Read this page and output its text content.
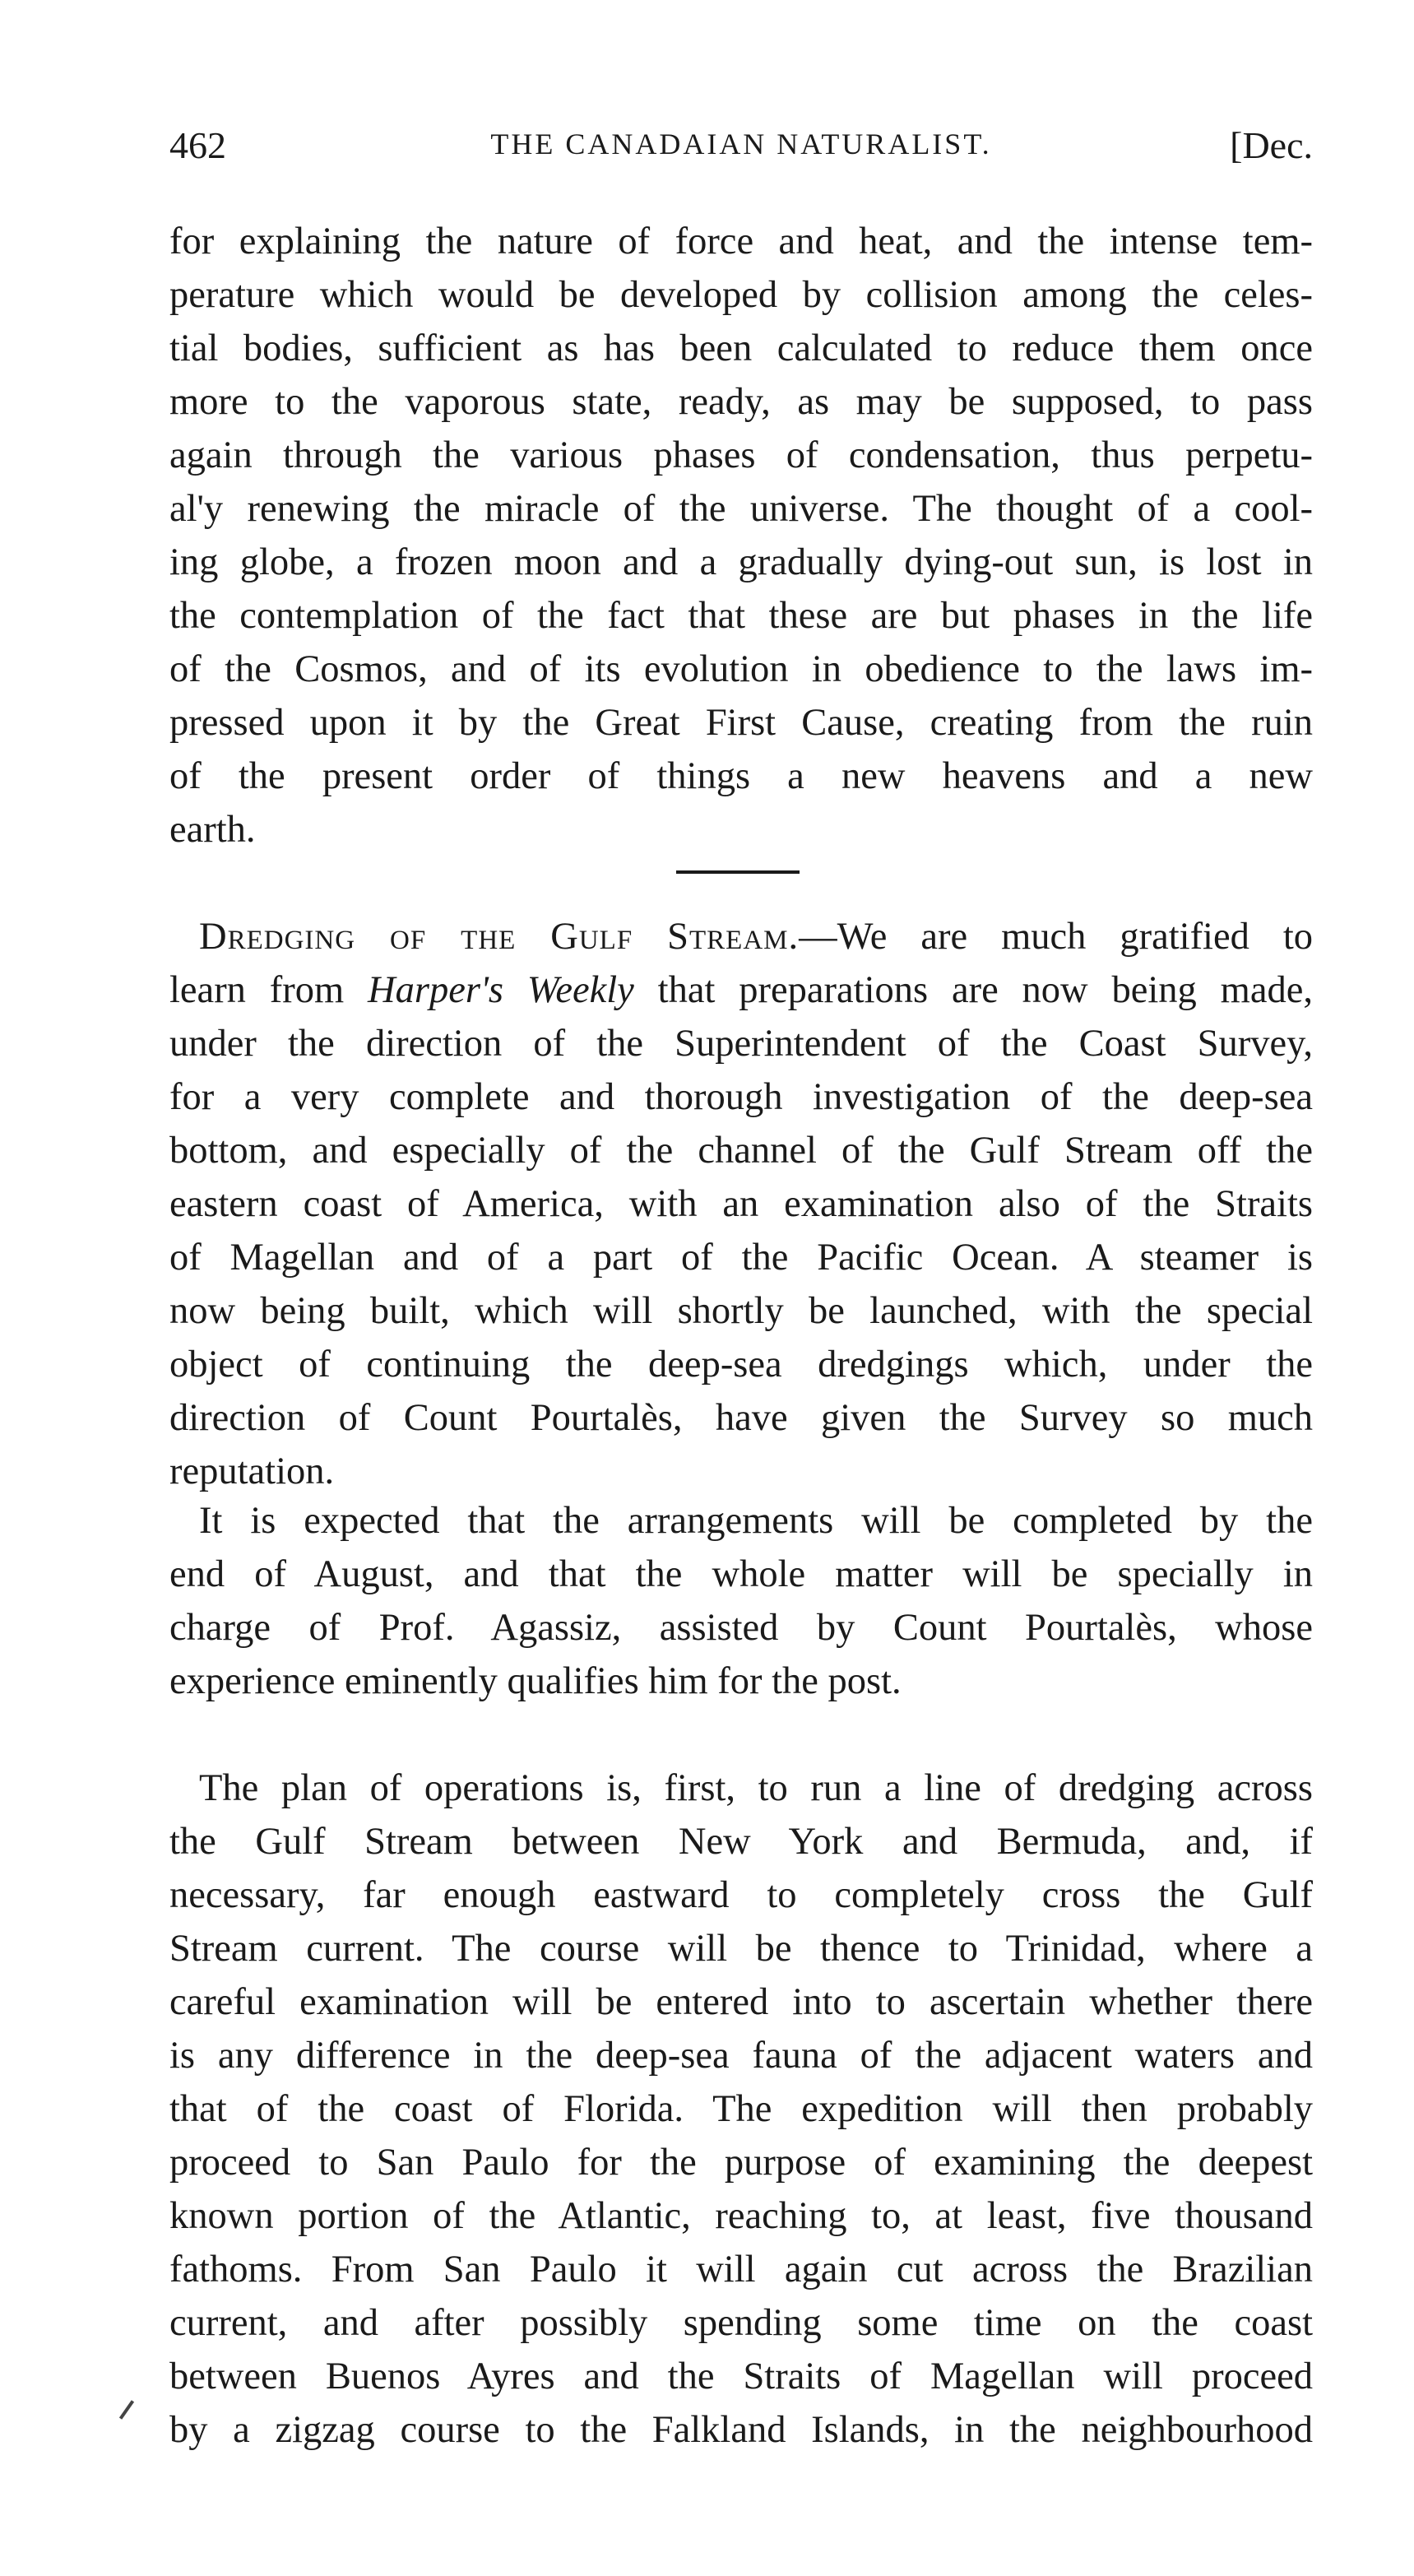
462	THE CANADAIAN NATURALIST.	[Dec.
for explaining the nature of force and heat, and the intense tem-
perature which would be developed by collision among the celes-
tial bodies, sufficient as has been calculated to reduce them once
more to the vaporous state, ready, as may be supposed, to pass
again through the various phases of condensation, thus perpetu-
al'y renewing the miracle of the universe. The thought of a cool-
ing globe, a frozen moon and a gradually dying-out sun, is lost in
the contemplation of the fact that these are but phases in the life
of the Cosmos, and of its evolution in obedience to the laws im-
pressed upon it by the Great First Cause, creating from the ruin
of the present order of things a new heavens and a new
earth.
Dredging of the Gulf Stream.—We are much gratified to
learn from Harper's Weekly that preparations are now being made,
under the direction of the Superintendent of the Coast Survey,
for a very complete and thorough investigation of the deep-sea
bottom, and especially of the channel of the Gulf Stream off the
eastern coast of America, with an examination also of the Straits
of Magellan and of a part of the Pacific Ocean. A steamer is
now being built, which will shortly be launched, with the special
object of continuing the deep-sea dredgings which, under the
direction of Count Pourtalès, have given the Survey so much
reputation.
It is expected that the arrangements will be completed by the
end of August, and that the whole matter will be specially in
charge of Prof. Agassiz, assisted by Count Pourtalès, whose
experience eminently qualifies him for the post.
The plan of operations is, first, to run a line of dredging across
the Gulf Stream between New York and Bermuda, and, if
necessary, far enough eastward to completely cross the Gulf
Stream current. The course will be thence to Trinidad, where a
careful examination will be entered into to ascertain whether there
is any difference in the deep-sea fauna of the adjacent waters and
that of the coast of Florida. The expedition will then probably
proceed to San Paulo for the purpose of examining the deepest
known portion of the Atlantic, reaching to, at least, five thousand
fathoms. From San Paulo it will again cut across the Brazilian
current, and after possibly spending some time on the coast
between Buenos Ayres and the Straits of Magellan will proceed
by a zigzag course to the Falkland Islands, in the neighbourhood
